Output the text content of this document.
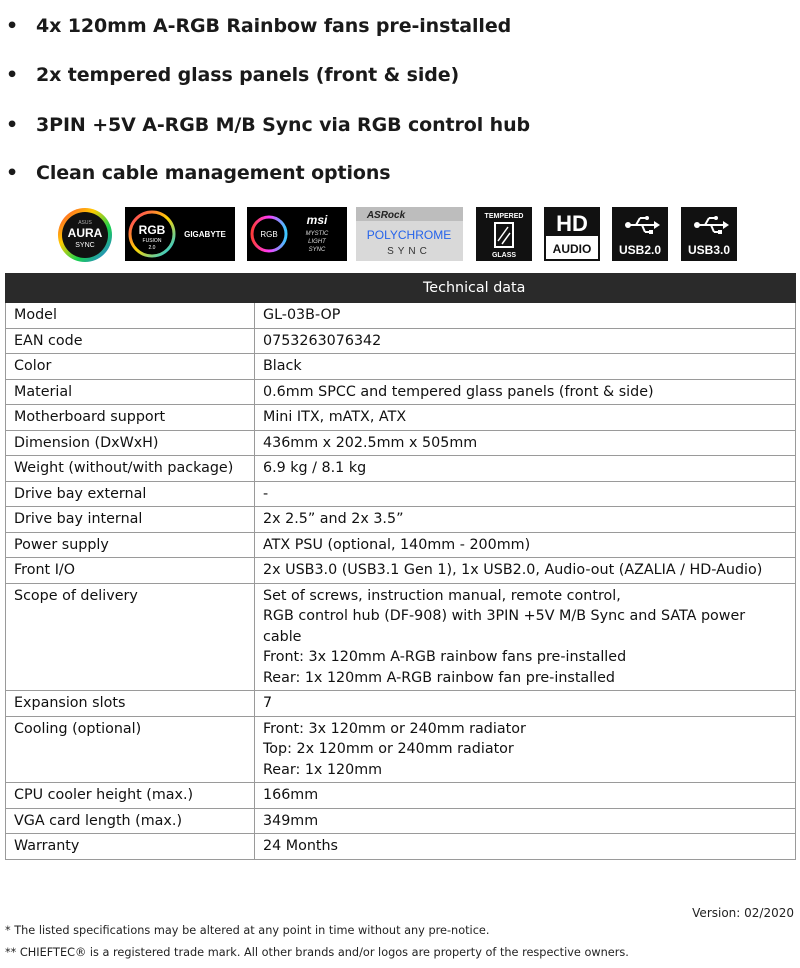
• 4x 120mm A-RGB Rainbow fans pre-installed
• 2x tempered glass panels (front & side)
• 3PIN +5V A-RGB M/B Sync via RGB control hub
• Clean cable management options
ASUS
AURA
SYNC
RGB
FUSION
2.0
GIGABYTE	RGB
msi
MYSTIC
LIGHT
SYNC
ASRock
POLYCHROME
SYNC
TEMPERED
GLASS
HD
AUDIO USB2.0 USB3.0
	Technical data
Model	GL-03B-OP

EAN code	0753263076342

Color	Black

Material	0.6mm SPCC and tempered glass panels (front & side)

Motherboard support	Mini ITX, mATX, ATX

Dimension (DxWxH)	436mm x 202.5mm x 505mm

Weight (without/with package)	6.9 kg / 8.1 kg

Drive bay external	-

Drive bay internal	2x 2.5” and 2x 3.5”

Power supply	ATX PSU (optional, 140mm - 200mm)

Front I/O	2x USB3.0 (USB3.1 Gen 1), 1x USB2.0, Audio-out (AZALIA / HD-Audio)

Scope of delivery	Set of screws, instruction manual, remote control,
RGB control hub (DF-908) with 3PIN +5V M/B Sync and SATA power cable
Front: 3x 120mm A-RGB rainbow fans pre-installed
Rear: 1x 120mm A-RGB rainbow fan pre-installed

Expansion slots	7

Cooling (optional)	Front: 3x 120mm or 240mm radiator
Top: 2x 120mm or 240mm radiator
Rear: 1x 120mm

CPU cooler height (max.)	166mm

VGA card length (max.)	349mm

Warranty	24 Months
Version: 02/2020
* The listed specifications may be altered at any point in time without any pre-notice.
** CHIEFTEC® is a registered trade mark. All other brands and/or logos are property of the respective owners.
